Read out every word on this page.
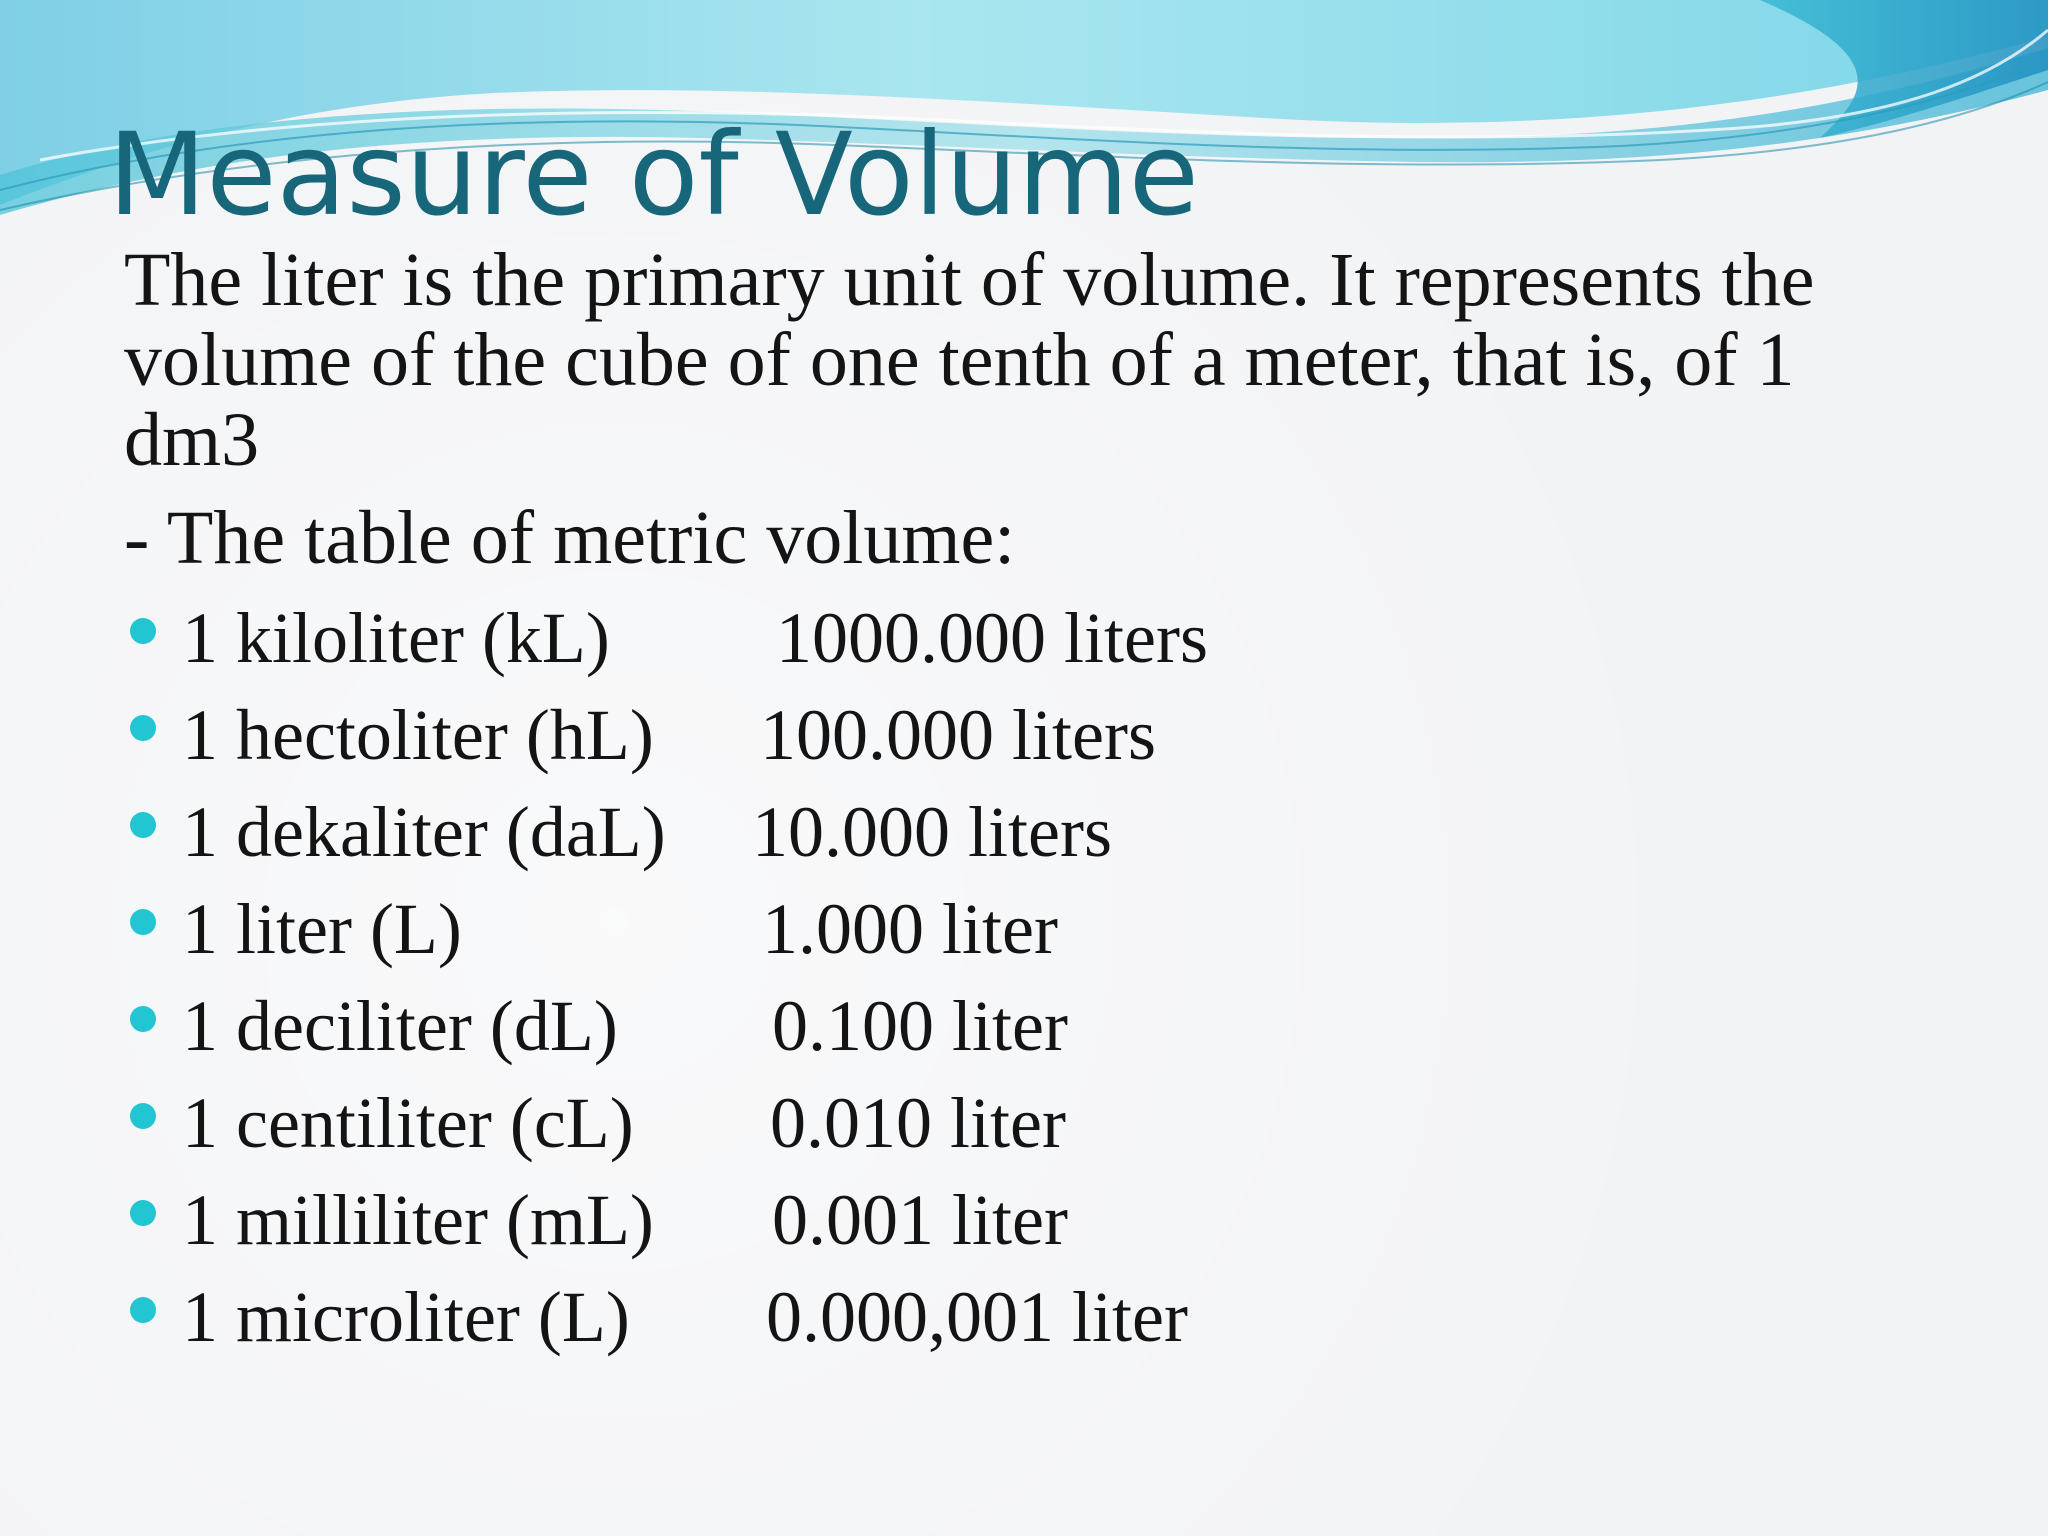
Measure of Volume

The liter is the primary unit of volume. It represents the
volume of the cube of one tenth of a meter, that is, of 1
dm3

- The table of metric volume:

1 kiloliter (kL) 1000.000 liters
1 hectoliter (hL) 100.000 liters
1 dekaliter (daL) 10.000 liters
1 liter (L)	1.000 liter
1 deciliter (dL) 0.100 liter
1 centiliter (cL) 0.010 liter
1 milliliter (mL) 0.001 liter
1 microliter (L) 0.000,001 liter
